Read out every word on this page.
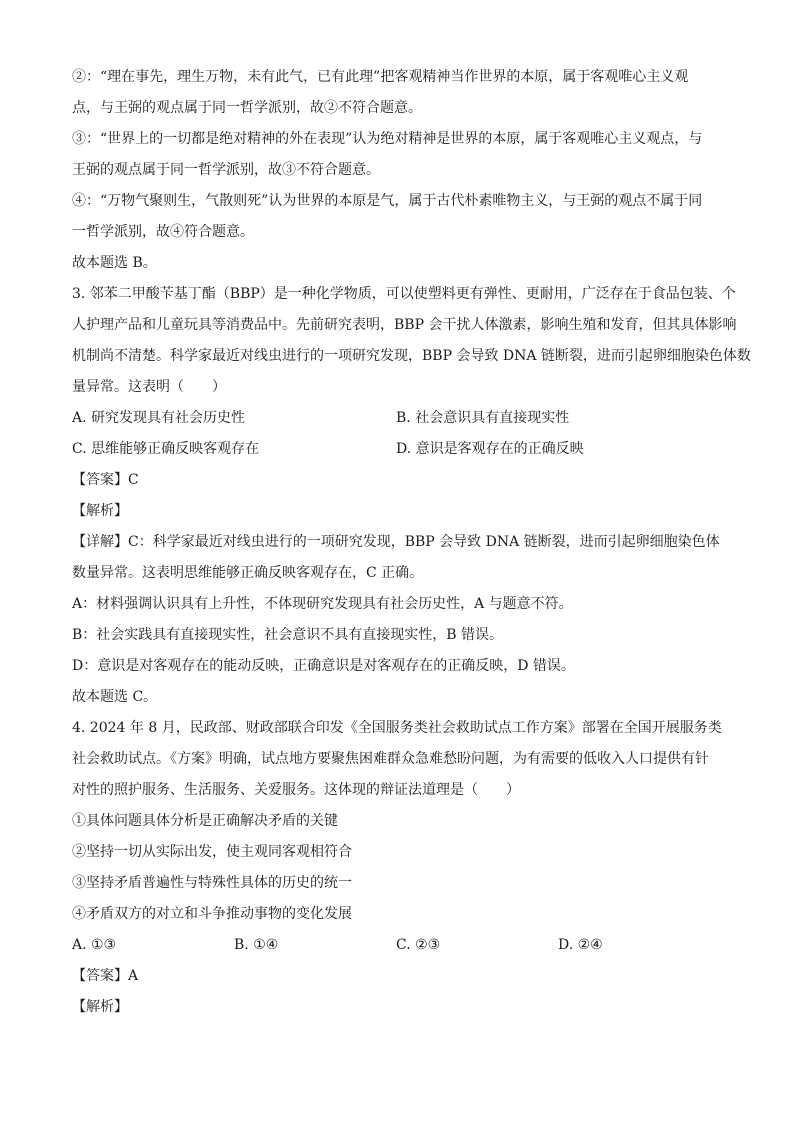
②：“理在事先，理生万物，未有此气，已有此理”把客观精神当作世界的本原，属于客观唯心主义观
点，与王弼的观点属于同一哲学派别，故②不符合题意。
③：“世界上的一切都是绝对精神的外在表现”认为绝对精神是世界的本原，属于客观唯心主义观点，与
王弼的观点属于同一哲学派别，故③不符合题意。
④：“万物气聚则生，气散则死”认为世界的本原是气，属于古代朴素唯物主义，与王弼的观点不属于同
一哲学派别，故④符合题意。
故本题选 B。
3. 邻苯二甲酸苄基丁酯（BBP）是一种化学物质，可以使塑料更有弹性、更耐用，广泛存在于食品包装、个
人护理产品和儿童玩具等消费品中。先前研究表明，BBP 会干扰人体激素，影响生殖和发育，但其具体影响
机制尚不清楚。科学家最近对线虫进行的一项研究发现，BBP 会导致 DNA 链断裂，进而引起卵细胞染色体数
量异常。这表明（　　）
A. 研究发现具有社会历史性	B. 社会意识具有直接现实性
C. 思维能够正确反映客观存在	D. 意识是客观存在的正确反映
【答案】C
【解析】
【详解】C：科学家最近对线虫进行的一项研究发现，BBP 会导致 DNA 链断裂，进而引起卵细胞染色体
数量异常。这表明思维能够正确反映客观存在，C 正确。
A：材料强调认识具有上升性，不体现研究发现具有社会历史性，A 与题意不符。
B：社会实践具有直接现实性，社会意识不具有直接现实性，B 错误。
D：意识是对客观存在的能动反映，正确意识是对客观存在的正确反映，D 错误。
故本题选 C。
4. 2024 年 8 月，民政部、财政部联合印发《全国服务类社会救助试点工作方案》部署在全国开展服务类
社会救助试点。《方案》明确，试点地方要聚焦困难群众急难愁盼问题，为有需要的低收入人口提供有针
对性的照护服务、生活服务、关爱服务。这体现的辩证法道理是（　　）
①具体问题具体分析是正确解决矛盾的关键
②坚持一切从实际出发，使主观同客观相符合
③坚持矛盾普遍性与特殊性具体的历史的统一
④矛盾双方的对立和斗争推动事物的变化发展
A. ①③	B. ①④	C. ②③	D. ②④
【答案】A
【解析】
